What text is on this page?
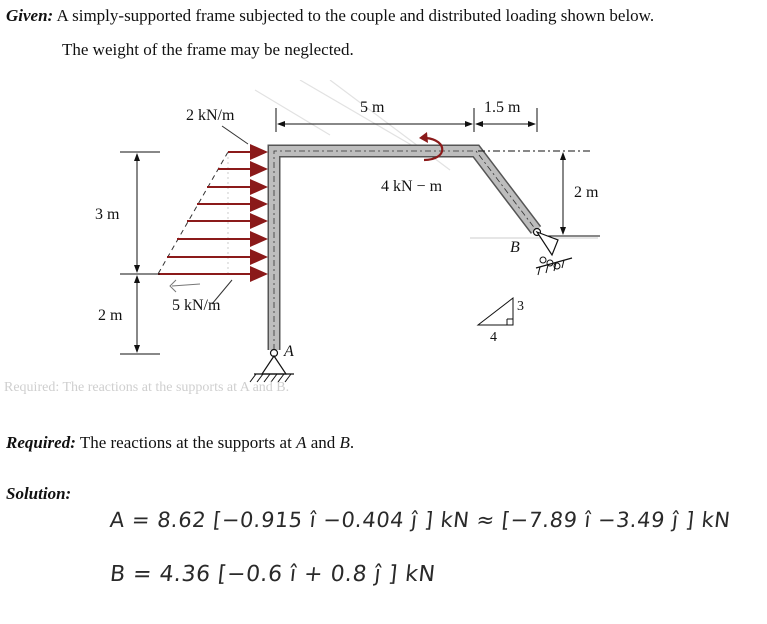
Given: A simply-supported frame subjected to the couple and distributed loading shown below.
The weight of the frame may be neglected.
2 kN/m
5 kN/m
5 m	1.5 m
3 m
2 m
2 m
4 kN − m
A
B
3
4
Required: The reactions at the supports at A and B.
Required: The reactions at the supports at A and B.
Solution:
A = 8.62 [−0.915 î −0.404 ĵ ] kN ≈ [−7.89 î −3.49 ĵ ] kN
B = 4.36 [−0.6 î + 0.8 ĵ ] kN
